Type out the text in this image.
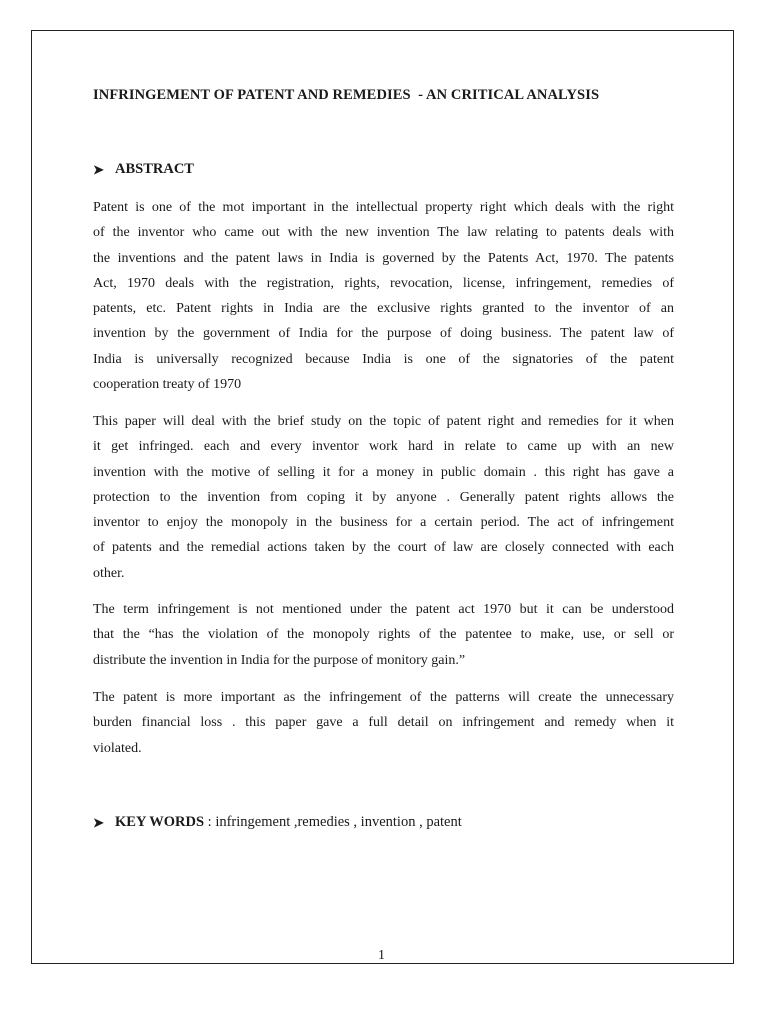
INFRINGEMENT OF PATENT AND REMEDIES  - AN CRITICAL ANALYSIS
➤ ABSTRACT
Patent is one of the mot important in the intellectual property right which deals with the right
of the inventor who came out with the new invention The law relating to patents deals with
the inventions and the patent laws in India is governed by the Patents Act, 1970. The patents
Act, 1970 deals with the registration, rights, revocation, license, infringement, remedies of
patents, etc. Patent rights in India are the exclusive rights granted to the inventor of an
invention by the government of India for the purpose of doing business. The patent law of
India is universally recognized because India is one of the signatories of the patent
cooperation treaty of 1970
This paper will deal with the brief study on the topic of patent right and remedies for it when
it get infringed. each and every inventor work hard in relate to came up with an new
invention with the motive of selling it for a money in public domain . this right has gave a
protection to the invention from coping it by anyone . Generally patent rights allows the
inventor to enjoy the monopoly in the business for a certain period. The act of infringement
of patents and the remedial actions taken by the court of law are closely connected with each
other.
The term infringement is not mentioned under the patent act 1970 but it can be understood
that the “has the violation of the monopoly rights of the patentee to make, use, or sell or
distribute the invention in India for the purpose of monitory gain.”
The patent is more important as the infringement of the patterns will create the unnecessary
burden financial loss . this paper gave a full detail on infringement and remedy when it
violated.
➤ KEY WORDS : infringement ,remedies , invention , patent
1
